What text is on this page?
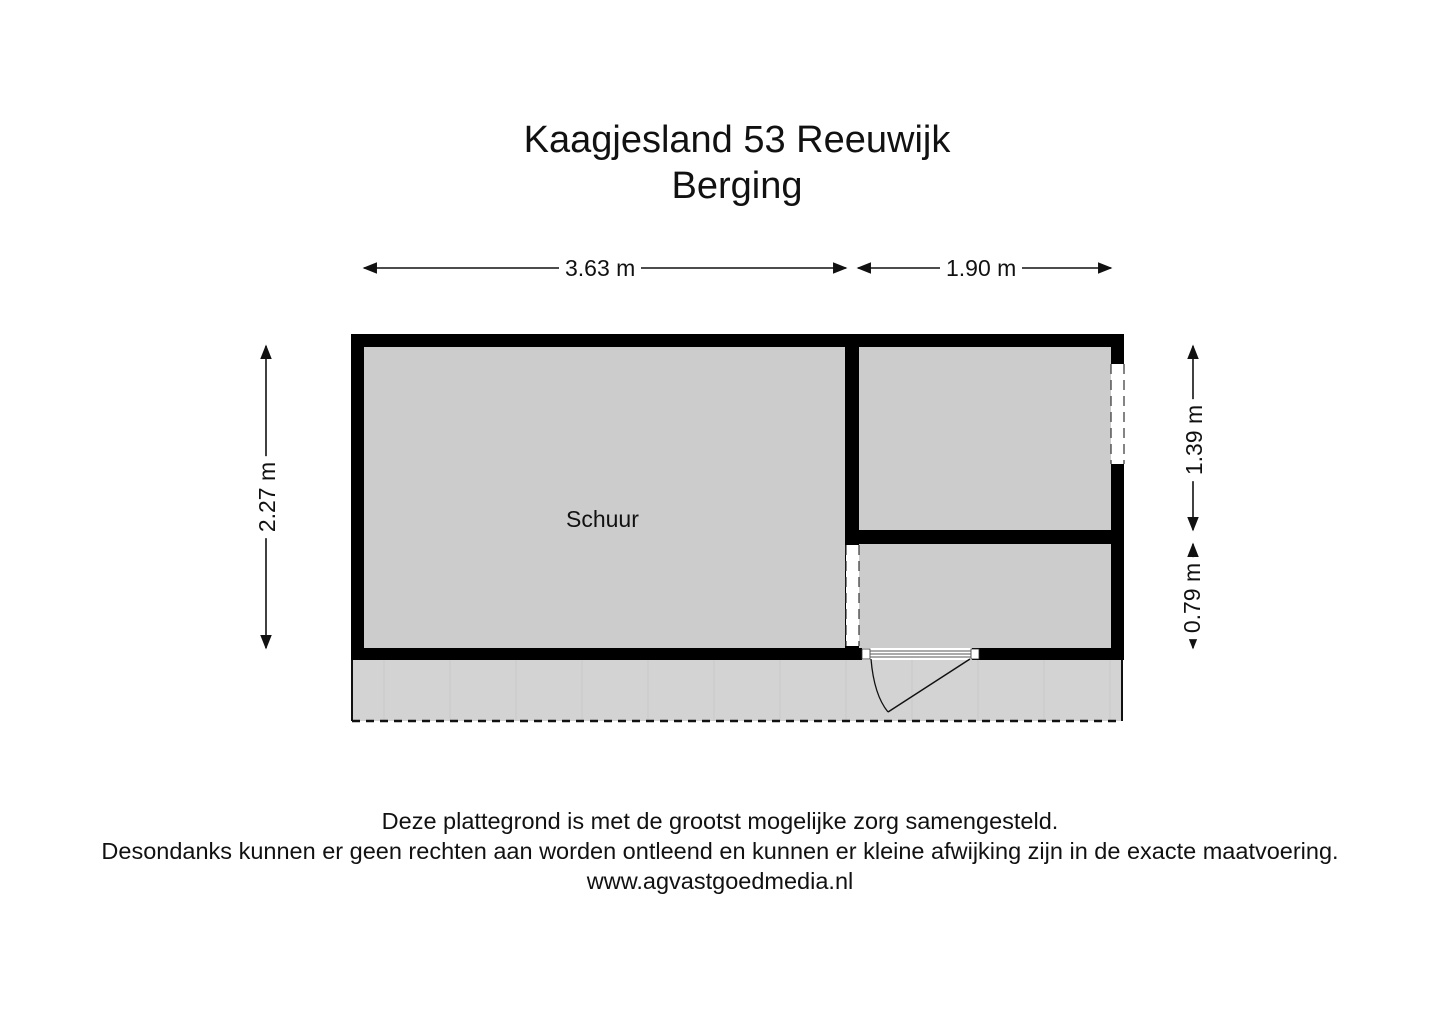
Kaagjesland 53 Reeuwijk
Berging
3.63 m	1.90 m
2.27 m
1.39 m
0.79 m
Schuur
Deze plattegrond is met de grootst mogelijke zorg samengesteld.
Desondanks kunnen er geen rechten aan worden ontleend en kunnen er kleine afwijking zijn in de exacte maatvoering.
www.agvastgoedmedia.nl
